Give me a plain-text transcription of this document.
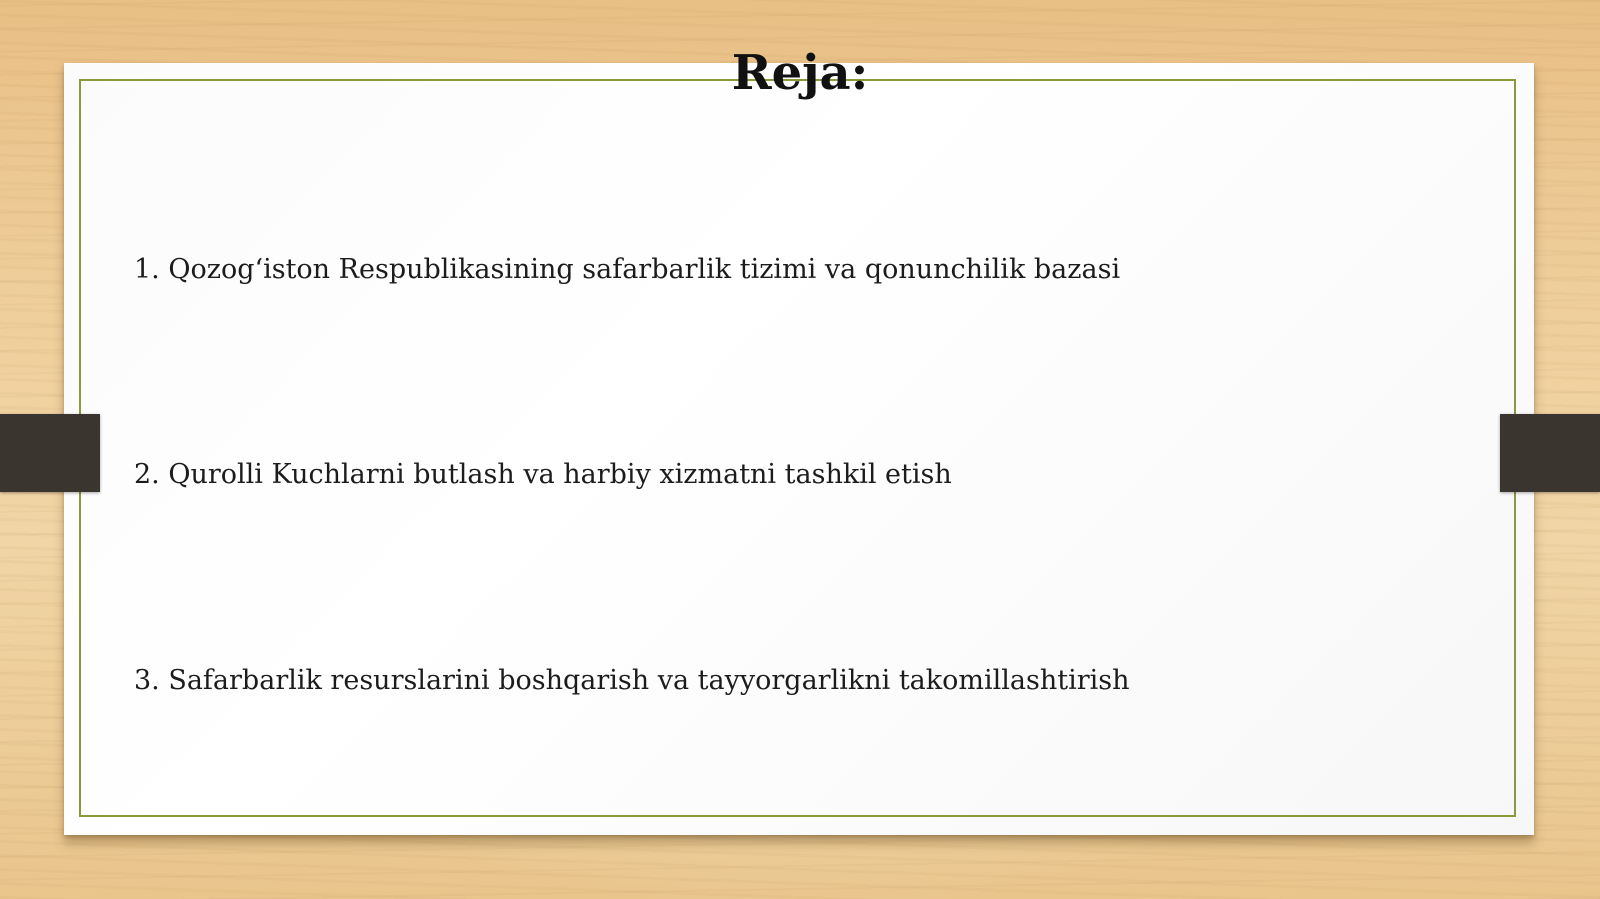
Reja:
1. Qozog‘iston Respublikasining safarbarlik tizimi va qonunchilik bazasi
2. Qurolli Kuchlarni butlash va harbiy xizmatni tashkil etish
3. Safarbarlik resurslarini boshqarish va tayyorgarlikni takomillashtirish
